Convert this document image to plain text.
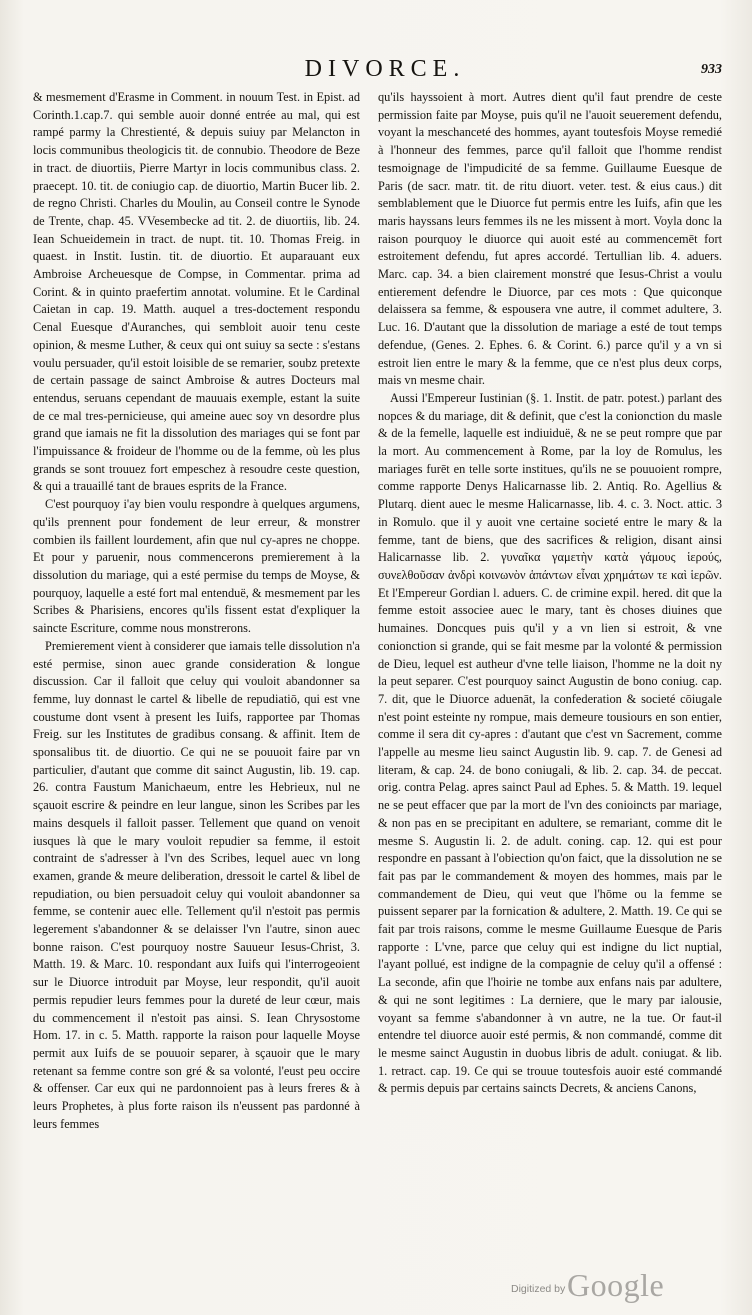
DIVORCE.	933

& mesmement d'Erasme in Comment. in nouum Test. in Epist. ad Corinth.1.cap.7. qui semble auoir donné entrée au mal, qui est rampé parmy la Chrestienté, & depuis suiuy par Melancton in locis communibus theologicis tit. de connubio. Theodore de Beze in tract. de diuortiis, Pierre Martyr in locis communibus class. 2. praecept. 10. tit. de coniugio cap. de diuortio, Martin Bucer lib. 2. de regno Christi. Charles du Moulin, au Conseil contre le Synode de Trente, chap. 45. VVesembecke ad tit. 2. de diuortiis, lib. 24. Iean Schueidemein in tract. de nupt. tit. 10. Thomas Freig. in quaest. in Instit. Iustin. tit. de diuortio. Et auparauant eux Ambroise Archeuesque de Compse, in Commentar. prima ad Corint. & in quinto praefertim annotat. volumine. Et le Cardinal Caietan in cap. 19. Matth. auquel a tres-doctement respondu Cenal Euesque d'Auranches, qui sembloit auoir tenu ceste opinion, & mesme Luther, & ceux qui ont suiuy sa secte : s'estans voulu persuader, qu'il estoit loisible de se remarier, soubz pretexte de certain passage de sainct Ambroise & autres Docteurs mal entendus, seruans cependant de mauuais exemple, estant la suite de ce mal tres-pernicieuse, qui ameine auec soy vn desordre plus grand que iamais ne fit la dissolution des mariages qui se font par l'impuissance & froideur de l'homme ou de la femme, où les plus grands se sont trouuez fort empeschez à resoudre ceste question, & qui a trauaillé tant de braues esprits de la France.

C'est pourquoy i'ay bien voulu respondre à quelques argumens, qu'ils prennent pour fondement de leur erreur, & monstrer combien ils faillent lourdement, afin que nul cy-apres ne choppe. Et pour y paruenir, nous commencerons premierement à la dissolution du mariage, qui a esté permise du temps de Moyse, & pourquoy, laquelle a esté fort mal entenduë, & mesmement par les Scribes & Pharisiens, encores qu'ils fissent estat d'expliquer la saincte Escriture, comme nous monstrerons.

Premierement vient à considerer que iamais telle dissolution n'a esté permise, sinon auec grande consideration & longue discussion. Car il falloit que celuy qui vouloit abandonner sa femme, luy donnast le cartel & libelle de repudiatiō, qui est vne coustume dont vsent à present les Iuifs, rapportee par Thomas Freig. sur les Institutes de gradibus consang. & affinit. Item de sponsalibus tit. de diuortio. Ce qui ne se pouuoit faire par vn particulier, d'autant que comme dit sainct Augustin, lib. 19. cap. 26. contra Faustum Manichaeum, entre les Hebrieux, nul ne sçauoit escrire & peindre en leur langue, sinon les Scribes par les mains desquels il falloit passer. Tellement que quand on venoit iusques là que le mary vouloit repudier sa femme, il estoit contraint de s'adresser à l'vn des Scribes, lequel auec vn long examen, grande & meure deliberation, dressoit le cartel & libel de repudiation, ou bien persuadoit celuy qui vouloit abandonner sa femme, se contenir auec elle. Tellement qu'il n'estoit pas permis legerement s'abandonner & se delaisser l'vn l'autre, sinon auec bonne raison. C'est pourquoy nostre Sauueur Iesus-Christ, 3. Matth. 19. & Marc. 10. respondant aux Iuifs qui l'interrogeoient sur le Diuorce introduit par Moyse, leur respondit, qu'il auoit permis repudier leurs femmes pour la dureté de leur cœur, mais du commencement il n'estoit pas ainsi. S. Iean Chrysostome Hom. 17. in c. 5. Matth. rapporte la raison pour laquelle Moyse permit aux Iuifs de se pouuoir separer, à sçauoir que le mary retenant sa femme contre son gré & sa volonté, l'eust peu occire & offenser. Car eux qui ne pardonnoient pas à leurs freres & à leurs Prophetes, à plus forte raison ils n'eussent pas pardonné à leurs femmes

qu'ils hayssoient à mort. Autres dient qu'il faut prendre de ceste permission faite par Moyse, puis qu'il ne l'auoit seuerement defendu, voyant la meschanceté des hommes, ayant toutesfois Moyse remedié à l'honneur des femmes, parce qu'il falloit que l'homme rendist tesmoignage de l'impudicité de sa femme. Guillaume Euesque de Paris (de sacr. matr. tit. de ritu diuort. veter. test. & eius caus.) dit semblablement que le Diuorce fut permis entre les Iuifs, afin que les maris hayssans leurs femmes ils ne les missent à mort. Voyla donc la raison pourquoy le diuorce qui auoit esté au commencemēt fort estroitement defendu, fut apres accordé. Tertullian lib. 4. aduers. Marc. cap. 34. a bien clairement monstré que Iesus-Christ a voulu entierement defendre le Diuorce, par ces mots : Que quiconque delaissera sa femme, & espousera vne autre, il commet adultere, 3. Luc. 16. D'autant que la dissolution de mariage a esté de tout temps defendue, (Genes. 2. Ephes. 6. & Corint. 6.) parce qu'il y a vn si estroit lien entre le mary & la femme, que ce n'est plus deux corps, mais vn mesme chair.

Aussi l'Empereur Iustinian (§. 1. Instit. de patr. potest.) parlant des nopces & du mariage, dit & definit, que c'est la conionction du masle & de la femelle, laquelle est indiuiduë, & ne se peut rompre que par la mort. Au commencement à Rome, par la loy de Romulus, les mariages furēt en telle sorte institues, qu'ils ne se pouuoient rompre, comme rapporte Denys Halicarnasse lib. 2. Antiq. Ro. Agellius & Plutarq. dient auec le mesme Halicarnasse, lib. 4. c. 3. Noct. attic. 3 in Romulo. que il y auoit vne certaine societé entre le mary & la femme, tant de biens, que des sacrifices & religion, disant ainsi Halicarnasse lib. 2. γυναῖκα γαμετὴν κατὰ γάμους ἱερούς, συνελθοῦσαν ἀνδρὶ κοινωνὸν ἁπάντων εἶναι χρημάτων τε καὶ ἱερῶν. Et l'Empereur Gordian l. aduers. C. de crimine expil. hered. dit que la femme estoit associee auec le mary, tant ès choses diuines que humaines. Doncques puis qu'il y a vn lien si estroit, & vne conionction si grande, qui se fait mesme par la volonté & permission de Dieu, lequel est autheur d'vne telle liaison, l'homme ne la doit ny la peut separer. C'est pourquoy sainct Augustin de bono coniug. cap. 7. dit, que le Diuorce aduenāt, la confederation & societé cōiugale n'est point esteinte ny rompue, mais demeure tousiours en son entier, comme il sera dit cy-apres : d'autant que c'est vn Sacrement, comme l'appelle au mesme lieu sainct Augustin lib. 9. cap. 7. de Genesi ad literam, & cap. 24. de bono coniugali, & lib. 2. cap. 34. de peccat. orig. contra Pelag. apres sainct Paul ad Ephes. 5. & Matth. 19. lequel ne se peut effacer que par la mort de l'vn des conioincts par mariage, & non pas en se precipitant en adultere, se remariant, comme dit le mesme S. Augustin li. 2. de adult. coning. cap. 12. qui est pour respondre en passant à l'obiection qu'on faict, que la dissolution ne se fait pas par le commandement & moyen des hommes, mais par le commandement de Dieu, qui veut que l'hōme ou la femme se puissent separer par la fornication & adultere, 2. Matth. 19. Ce qui se fait par trois raisons, comme le mesme Guillaume Euesque de Paris rapporte : L'vne, parce que celuy qui est indigne du lict nuptial, l'ayant pollué, est indigne de la compagnie de celuy qu'il a offensé : La seconde, afin que l'hoirie ne tombe aux enfans nais par adultere, & qui ne sont legitimes : La derniere, que le mary par ialousie, voyant sa femme s'abandonner à vn autre, ne la tue. Or faut-il entendre tel diuorce auoir esté permis, & non commandé, comme dit le mesme sainct Augustin in duobus libris de adult. coniugat. & lib. 1. retract. cap. 19. Ce qui se trouue toutesfois auoir esté commandé & permis depuis par certains saincts Decrets, & anciens Canons,

Digitized by Google
